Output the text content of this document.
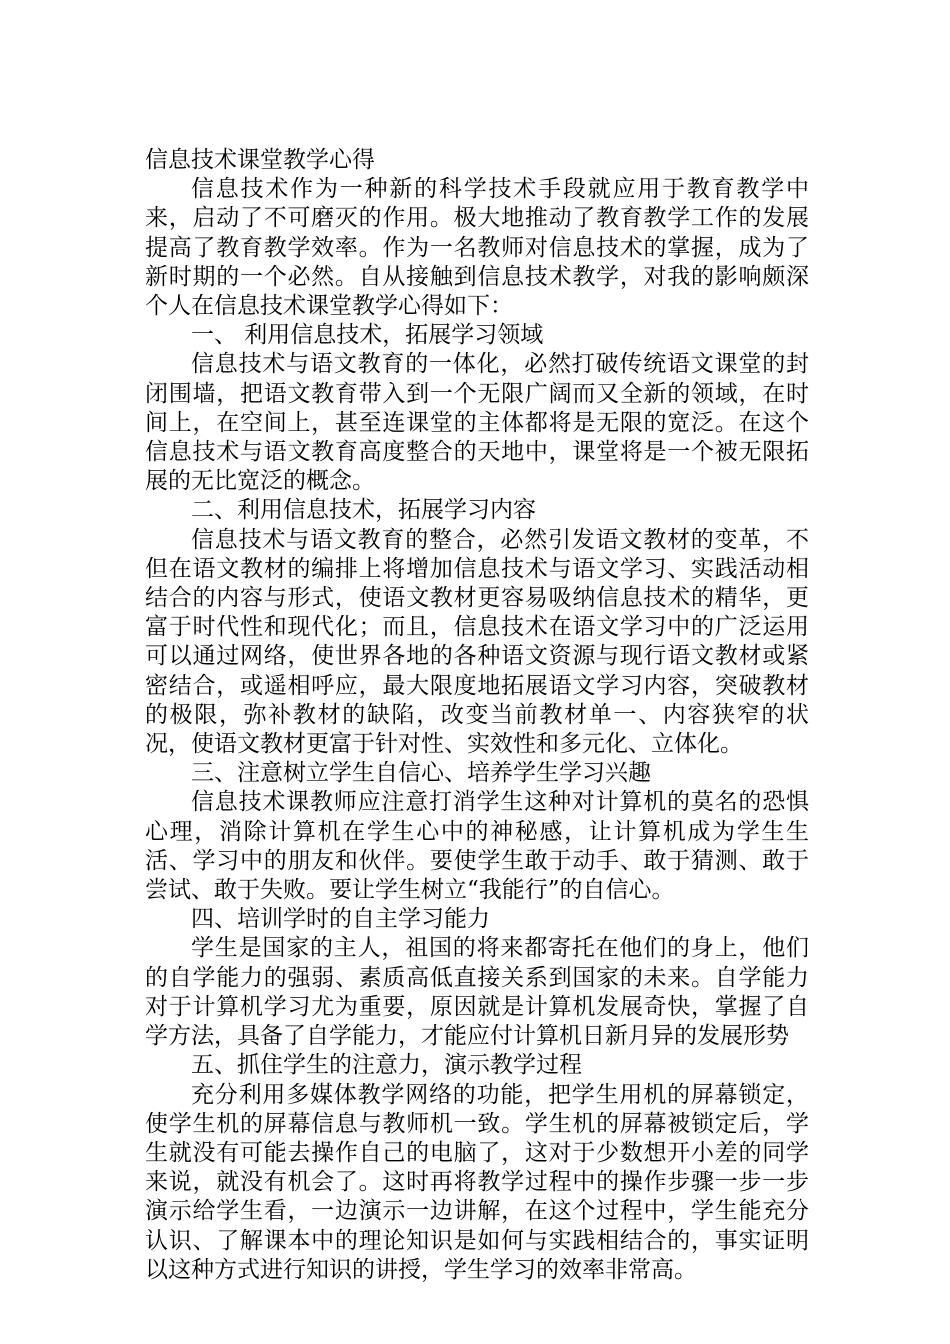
信息技术课堂教学心得

信息技术作为一种新的科学技术手段就应用于教育教学中来，启动了不可磨灭的作用。极大地推动了教育教学工作的发展提高了教育教学效率。作为一名教师对信息技术的掌握，成为了新时期的一个必然。自从接触到信息技术教学，对我的影响颇深个人在信息技术课堂教学心得如下：

一、 利用信息技术，拓展学习领域

信息技术与语文教育的一体化，必然打破传统语文课堂的封闭围墙，把语文教育带入到一个无限广阔而又全新的领域，在时间上，在空间上，甚至连课堂的主体都将是无限的宽泛。在这个信息技术与语文教育高度整合的天地中，课堂将是一个被无限拓展的无比宽泛的概念。

二、利用信息技术，拓展学习内容

信息技术与语文教育的整合，必然引发语文教材的变革，不但在语文教材的编排上将增加信息技术与语文学习、实践活动相结合的内容与形式，使语文教材更容易吸纳信息技术的精华，更富于时代性和现代化；而且，信息技术在语文学习中的广泛运用可以通过网络，使世界各地的各种语文资源与现行语文教材或紧密结合，或遥相呼应，最大限度地拓展语文学习内容，突破教材的极限，弥补教材的缺陷，改变当前教材单一、内容狭窄的状况，使语文教材更富于针对性、实效性和多元化、立体化。

三、注意树立学生自信心、培养学生学习兴趣

信息技术课教师应注意打消学生这种对计算机的莫名的恐惧心理，消除计算机在学生心中的神秘感，让计算机成为学生生活、学习中的朋友和伙伴。要使学生敢于动手、敢于猜测、敢于尝试、敢于失败。要让学生树立“我能行”的自信心。

四、培训学时的自主学习能力

学生是国家的主人，祖国的将来都寄托在他们的身上，他们的自学能力的强弱、素质高低直接关系到国家的未来。自学能力对于计算机学习尤为重要，原因就是计算机发展奇快，掌握了自学方法，具备了自学能力，才能应付计算机日新月异的发展形势

五、抓住学生的注意力，演示教学过程

充分利用多媒体教学网络的功能，把学生用机的屏幕锁定，使学生机的屏幕信息与教师机一致。学生机的屏幕被锁定后，学生就没有可能去操作自己的电脑了，这对于少数想开小差的同学来说，就没有机会了。这时再将教学过程中的操作步骤一步一步演示给学生看，一边演示一边讲解，在这个过程中，学生能充分认识、了解课本中的理论知识是如何与实践相结合的，事实证明以这种方式进行知识的讲授，学生学习的效率非常高。
